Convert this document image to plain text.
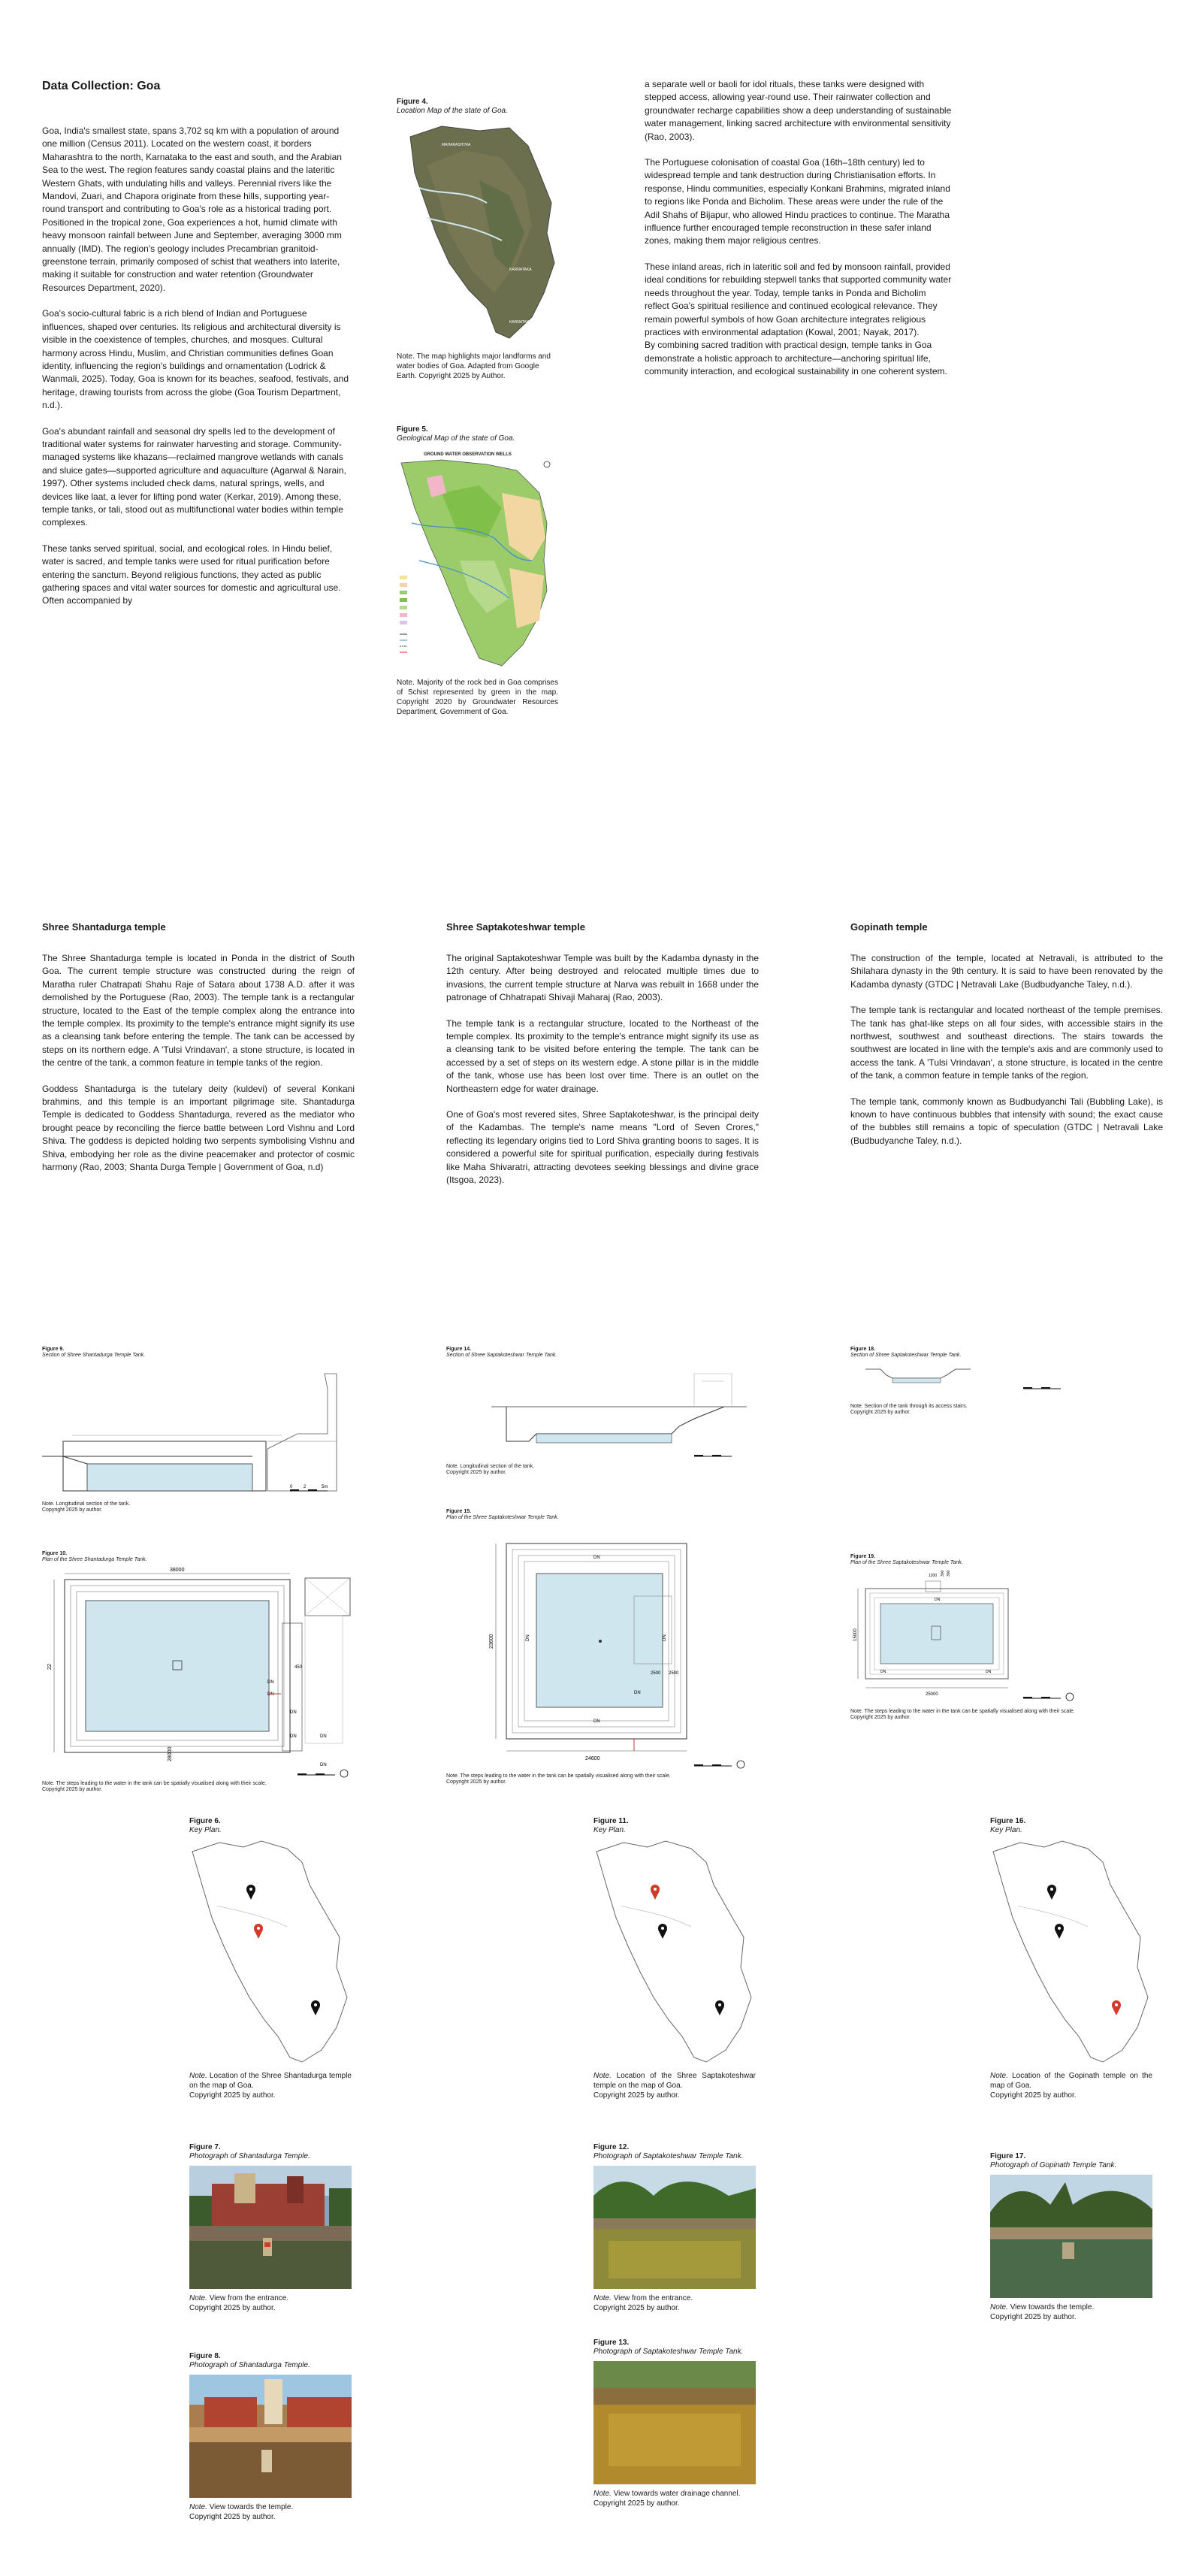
Data Collection: Goa

Goa, India's smallest state, spans 3,702 sq km with a population of around one million (Census 2011). Located on the western coast, it borders Maharashtra to the north, Karnataka to the east and south, and the Arabian Sea to the west. The region features sandy coastal plains and the lateritic Western Ghats, with undulating hills and valleys. Perennial rivers like the Mandovi, Zuari, and Chapora originate from these hills, supporting year-round transport and contributing to Goa's role as a historical trading port. Positioned in the tropical zone, Goa experiences a hot, humid climate with heavy monsoon rainfall between June and September, averaging 3000 mm annually (IMD). The region's geology includes Precambrian granitoid-greenstone terrain, primarily composed of schist that weathers into laterite, making it suitable for construction and water retention (Groundwater Resources Department, 2020).

Goa's socio-cultural fabric is a rich blend of Indian and Portuguese influences, shaped over centuries. Its religious and architectural diversity is visible in the coexistence of temples, churches, and mosques. Cultural harmony across Hindu, Muslim, and Christian communities defines Goan identity, influencing the region's buildings and ornamentation (Lodrick & Wanmali, 2025). Today, Goa is known for its beaches, seafood, festivals, and heritage, drawing tourists from across the globe (Goa Tourism Department, n.d.).

Goa's abundant rainfall and seasonal dry spells led to the development of traditional water systems for rainwater harvesting and storage. Community-managed systems like khazans—reclaimed mangrove wetlands with canals and sluice gates—supported agriculture and aquaculture (Agarwal & Narain, 1997). Other systems included check dams, natural springs, wells, and devices like laat, a lever for lifting pond water (Kerkar, 2019). Among these, temple tanks, or tali, stood out as multifunctional water bodies within temple complexes.

These tanks served spiritual, social, and ecological roles. In Hindu belief, water is sacred, and temple tanks were used for ritual purification before entering the sanctum. Beyond religious functions, they acted as public gathering spaces and vital water sources for domestic and agricultural use. Often accompanied by

Figure 4.
Location Map of the state of Goa.
MAHARASHTRA
KARNATAKA
KARNATAKA
ARABIAN SEA
Note. The map highlights major landforms and water bodies of Goa. Adapted from Google Earth. Copyright 2025 by Author.
Figure 5.
Geological Map of the state of Goa.
GROUND WATER OBSERVATION WELLS
Note. Majority of the rock bed in Goa comprises of Schist represented by green in the map. Copyright 2020 by Groundwater Resources Department, Government of Goa.

a separate well or baoli for idol rituals, these tanks were designed with stepped access, allowing year-round use. Their rainwater collection and groundwater recharge capabilities show a deep understanding of sustainable water management, linking sacred architecture with environmental sensitivity (Rao, 2003).

The Portuguese colonisation of coastal Goa (16th–18th century) led to widespread temple and tank destruction during Christianisation efforts. In response, Hindu communities, especially Konkani Brahmins, migrated inland to regions like Ponda and Bicholim. These areas were under the rule of the Adil Shahs of Bijapur, who allowed Hindu practices to continue. The Maratha influence further encouraged temple reconstruction in these safer inland zones, making them major religious centres.

These inland areas, rich in lateritic soil and fed by monsoon rainfall, provided ideal conditions for rebuilding stepwell tanks that supported community water needs throughout the year. Today, temple tanks in Ponda and Bicholim reflect Goa's spiritual resilience and continued ecological relevance. They remain powerful symbols of how Goan architecture integrates religious practices with environmental adaptation (Kowal, 2001; Nayak, 2017).

By combining sacred tradition with practical design, temple tanks in Goa demonstrate a holistic approach to architecture—anchoring spiritual life, community interaction, and ecological sustainability in one coherent system.

Shree Shantadurga temple

The Shree Shantadurga temple is located in Ponda in the district of South Goa. The current temple structure was constructed during the reign of Maratha ruler Chatrapati Shahu Raje of Satara about 1738 A.D. after it was demolished by the Portuguese (Rao, 2003). The temple tank is a rectangular structure, located to the East of the temple complex along the entrance into the temple complex. Its proximity to the temple's entrance might signify its use as a cleansing tank before entering the temple. The tank can be accessed by steps on its northern edge. A 'Tulsi Vrindavan', a stone structure, is located in the centre of the tank, a common feature in temple tanks of the region.

Goddess Shantadurga is the tutelary deity (kuldevi) of several Konkani brahmins, and this temple is an important pilgrimage site. Shantadurga Temple is dedicated to Goddess Shantadurga, revered as the mediator who brought peace by reconciling the fierce battle between Lord Vishnu and Lord Shiva. The goddess is depicted holding two serpents symbolising Vishnu and Shiva, embodying her role as the divine peacemaker and protector of cosmic harmony (Rao, 2003; Shanta Durga Temple | Government of Goa, n.d)

Shree Saptakoteshwar temple

The original Saptakoteshwar Temple was built by the Kadamba dynasty in the 12th century. After being destroyed and relocated multiple times due to invasions, the current temple structure at Narva was rebuilt in 1668 under the patronage of Chhatrapati Shivaji Maharaj (Rao, 2003).

The temple tank is a rectangular structure, located to the Northeast of the temple complex. Its proximity to the temple's entrance might signify its use as a cleansing tank to be visited before entering the temple. The tank can be accessed by a set of steps on its western edge. A stone pillar is in the middle of the tank, whose use has been lost over time. There is an outlet on the Northeastern edge for water drainage.

One of Goa's most revered sites, Shree Saptakoteshwar, is the principal deity of the Kadambas. The temple's name means "Lord of Seven Crores," reflecting its legendary origins tied to Lord Shiva granting boons to sages. It is considered a powerful site for spiritual purification, especially during festivals like Maha Shivaratri, attracting devotees seeking blessings and divine grace (Itsgoa, 2023).

Gopinath temple

The construction of the temple, located at Netravali, is attributed to the Shilahara dynasty in the 9th century. It is said to have been renovated by the Kadamba dynasty (GTDC | Netravali Lake (Budbudyanche Taley, n.d.).

The temple tank is rectangular and located northeast of the temple premises. The tank has ghat-like steps on all four sides, with accessible stairs in the northwest, southwest and southeast directions. The stairs towards the southwest are located in line with the temple's axis and are commonly used to access the tank. A 'Tulsi Vrindavan', a stone structure, is located in the centre of the tank, a common feature in temple tanks of the region.

The temple tank, commonly known as Budbudyanchi Tali (Bubbling Lake), is known to have continuous bubbles that intensify with sound; the exact cause of the bubbles still remains a topic of speculation (GTDC | Netravali Lake (Budbudyanche Taley, n.d.).

Figure 9.
Section of Shree Shantadurga Temple Tank.
0 2	5m
Note. Longitudinal section of the tank.
Copyright 2025 by author.
Figure 10.
Plan of the Shree Shantadurga Temple Tank.
38000
22
28000
450
DN
DN
DN
DN	DN
DN
Note. The steps leading to the water in the tank can be spatially visualised along with their scale.
Copyright 2025 by author.
Figure 14.
Section of Shree Saptakoteshwar Temple Tank.
Note. Longitudinal section of the tank.
Copyright 2025 by author.
Figure 15.
Plan of the Shree Saptakoteshwar Temple Tank.
23600
24600
DN
DN	DN
DN
DN
2500 2500
Note. The steps leading to the water in the tank can be spatially visualised along with their scale.
Copyright 2025 by author.
Figure 18.
Section of Shree Saptakoteshwar Temple Tank.
Note. Section of the tank through its access stairs.
Copyright 2025 by author.
Figure 19.
Plan of the Shree Saptakoteshwar Temple Tank.
25000
15000
1200 300 300
DN
DN	DN
Note. The steps leading to the water in the tank can be spatially visualised along with their scale.
Copyright 2025 by author.
Figure 6.
Key Plan.
Note. Location of the Shree Shantadurga temple on the map of Goa.
Copyright 2025 by author.
Figure 11.
Key Plan.
Note. Location of the Shree Saptakoteshwar temple on the map of Goa.
Copyright 2025 by author.
Figure 16.
Key Plan.
Note. Location of the Gopinath temple on the map of Goa.
Copyright 2025 by author.
Figure 7.
Photograph of Shantadurga Temple.
Note. View from the entrance.
Copyright 2025 by author.
Figure 8.
Photograph of Shantadurga Temple.
Note. View towards the temple.
Copyright 2025 by author.
Figure 12.
Photograph of Saptakoteshwar Temple Tank.
Note. View from the entrance.
Copyright 2025 by author.
Figure 13.
Photograph of Saptakoteshwar Temple Tank.
Note. View towards water drainage channel.
Copyright 2025 by author.
Figure 17.
Photograph of Gopinath Temple Tank.
Note. View towards the temple.
Copyright 2025 by author.
